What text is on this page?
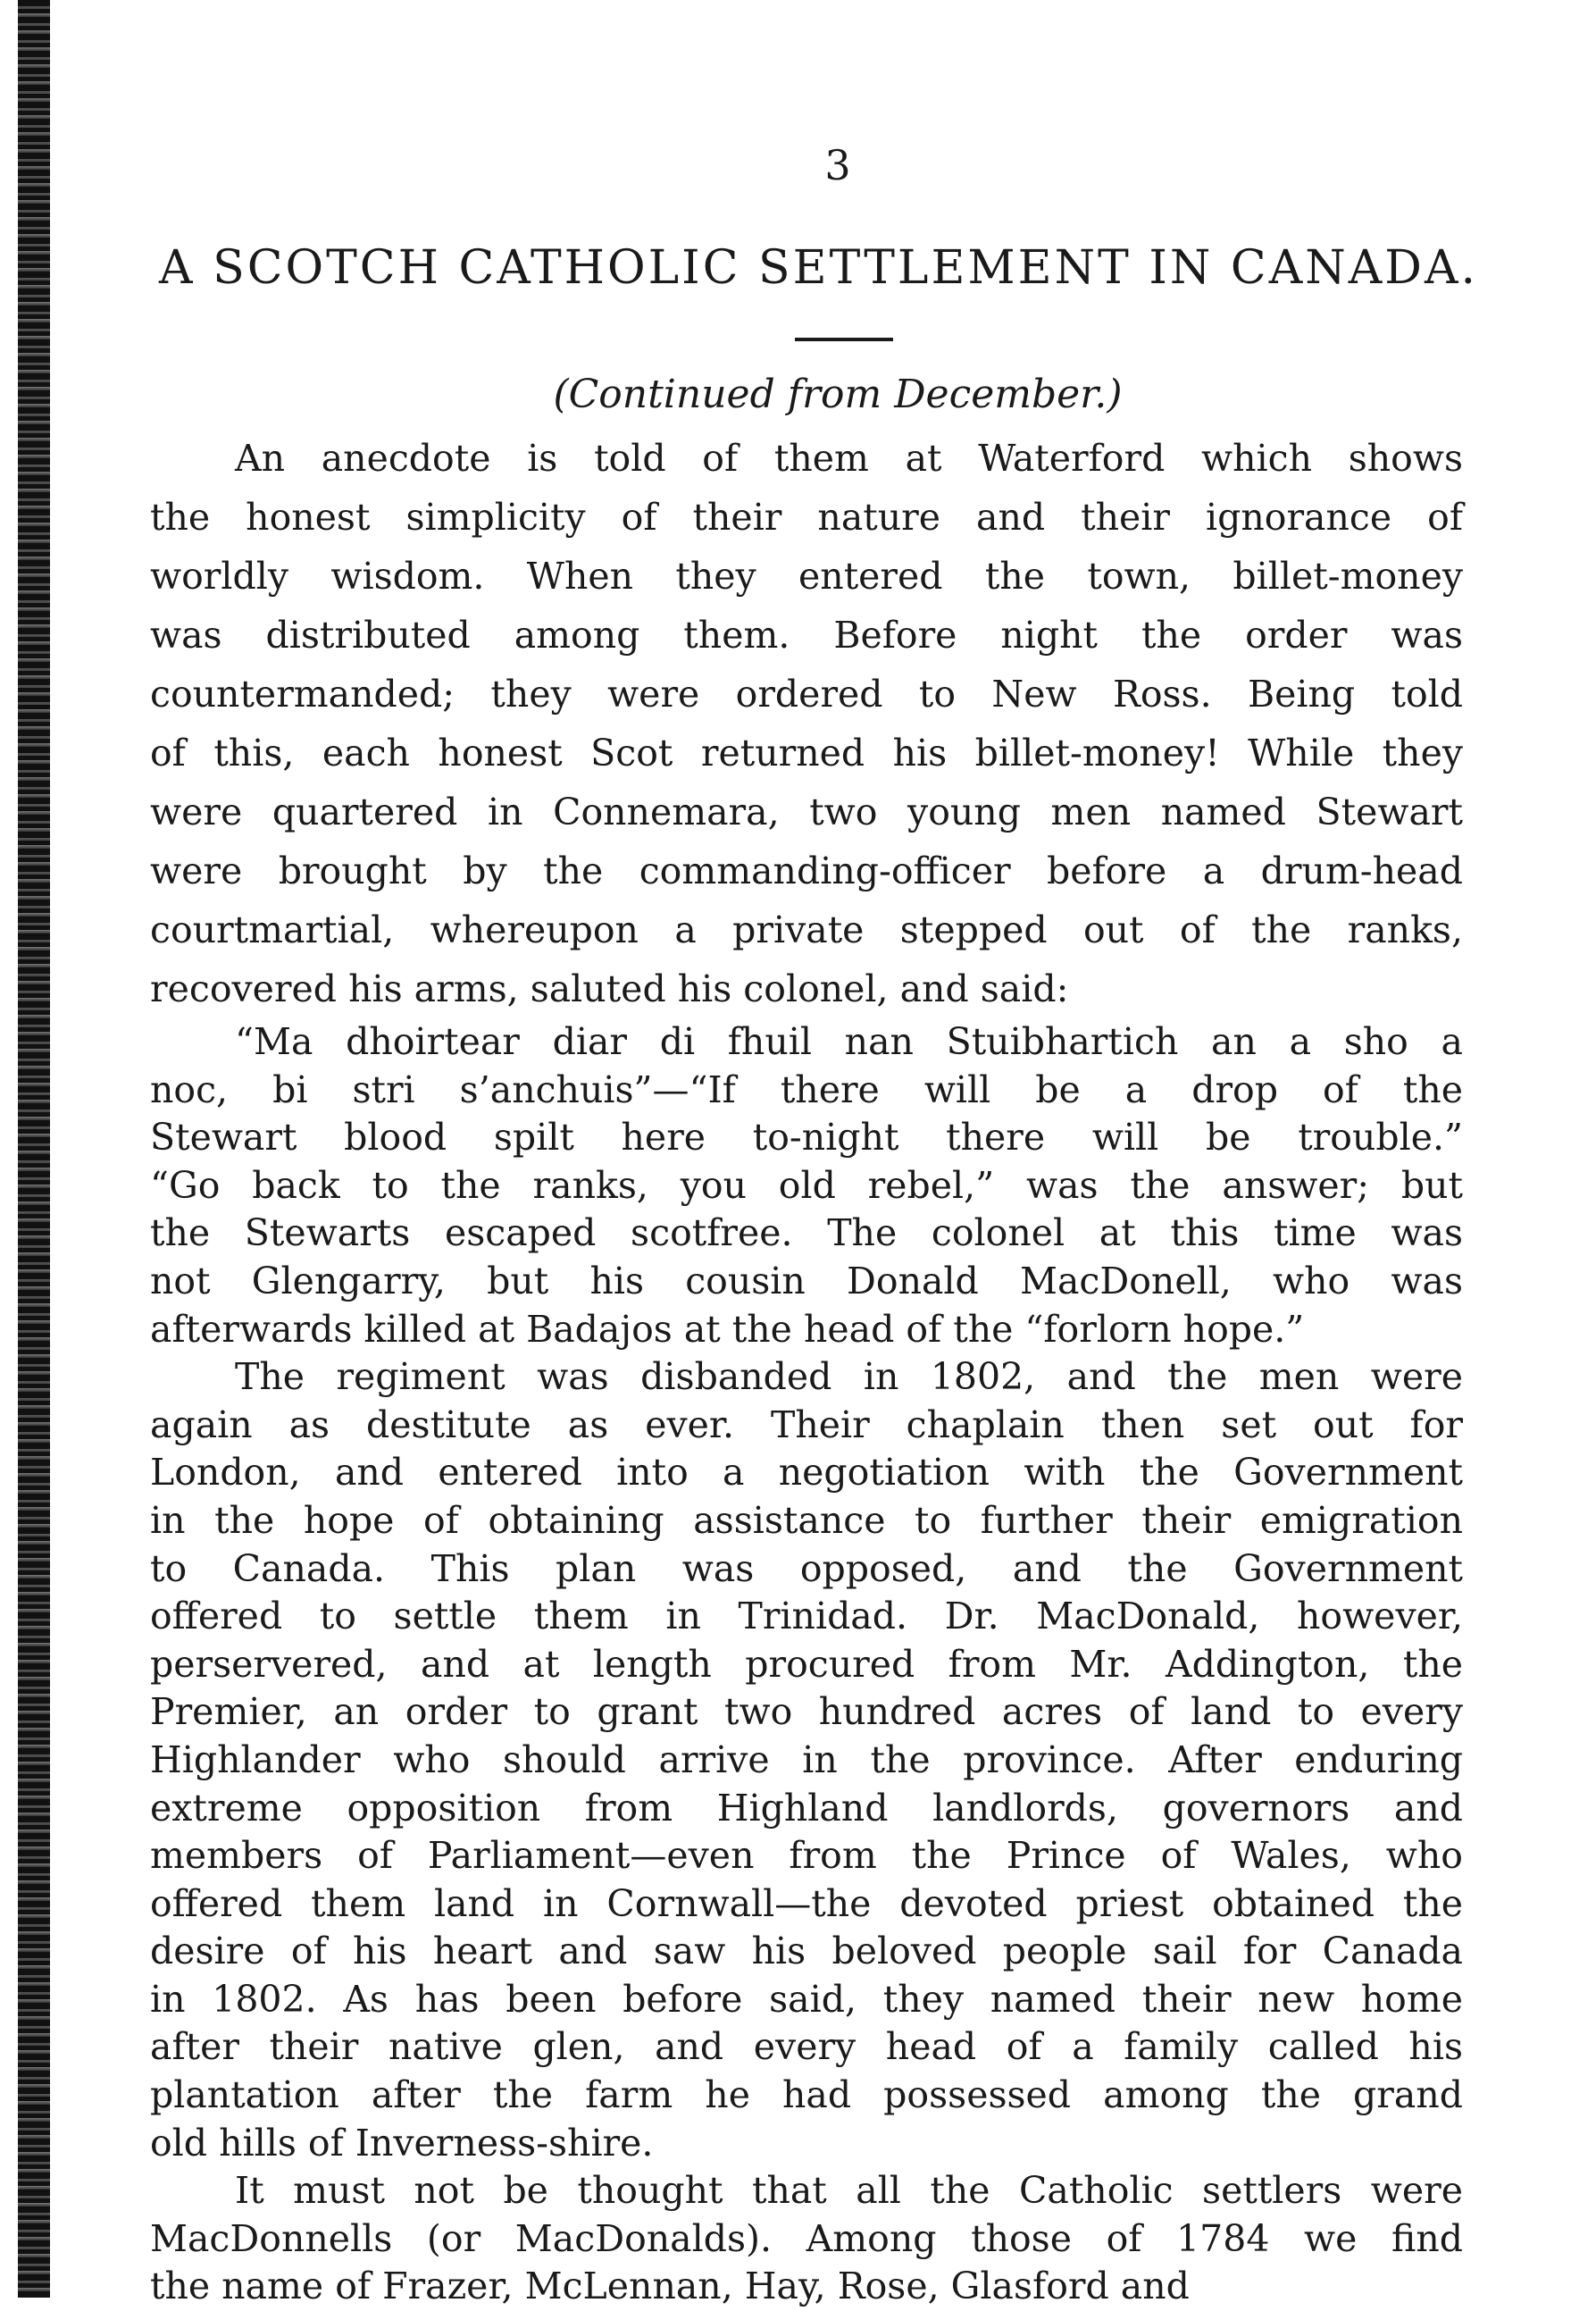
3
A SCOTCH CATHOLIC SETTLEMENT IN CANADA.
(Continued from December.)
An anecdote is told of them at Waterford which shows
the honest simplicity of their nature and their ignorance of
worldly wisdom. When they entered the town, billet-money
was distributed among them. Before night the order was
countermanded; they were ordered to New Ross. Being told
of this, each honest Scot returned his billet-money! While they
were quartered in Connemara, two young men named Stewart
were brought by the commanding-officer before a drum-head
courtmartial, whereupon a private stepped out of the ranks,
recovered his arms, saluted his colonel, and said:
“Ma dhoirtear diar di fhuil nan Stuibhartich an a sho a
noc, bi stri s’anchuis”—“If there will be a drop of the
Stewart blood spilt here to-night there will be trouble.”
“Go back to the ranks, you old rebel,” was the answer; but
the Stewarts escaped scotfree. The colonel at this time was
not Glengarry, but his cousin Donald MacDonell, who was
afterwards killed at Badajos at the head of the “forlorn hope.”
The regiment was disbanded in 1802, and the men were
again as destitute as ever. Their chaplain then set out for
London, and entered into a negotiation with the Government
in the hope of obtaining assistance to further their emigration
to Canada. This plan was opposed, and the Government
offered to settle them in Trinidad. Dr. MacDonald, however,
perservered, and at length procured from Mr. Addington, the
Premier, an order to grant two hundred acres of land to every
Highlander who should arrive in the province. After enduring
extreme opposition from Highland landlords, governors and
members of Parliament—even from the Prince of Wales, who
offered them land in Cornwall—the devoted priest obtained the
desire of his heart and saw his beloved people sail for Canada
in 1802. As has been before said, they named their new home
after their native glen, and every head of a family called his
plantation after the farm he had possessed among the grand
old hills of Inverness-shire.
It must not be thought that all the Catholic settlers were
MacDonnells (or MacDonalds). Among those of 1784 we find
the name of Frazer, McLennan, Hay, Rose, Glasford and
